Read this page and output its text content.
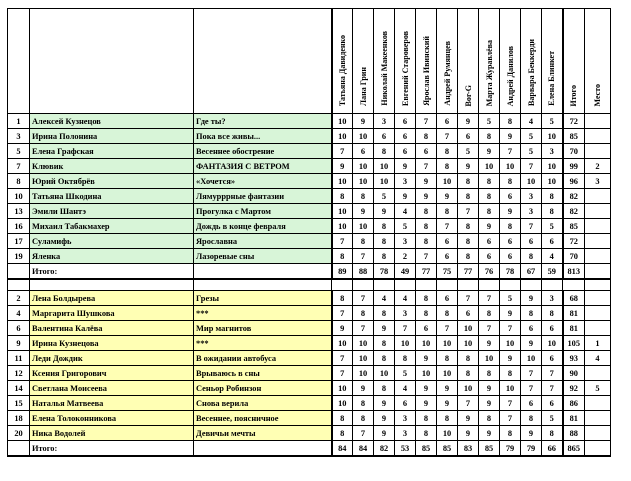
			Татьяна Давиденко	Лана Грин	Николай Макеенков	Евгений Староверов	Ярослав Ивинский	Андрей Румянцев	Bor-G	Марта Журавлёва	Андрей Данилов	Варвара Беккерди	Елена Блинкет	Итого	Место
1	Алексей Кузнецов	Где ты?	10	9	3	6	7	6	9	5	8	4	5	72	
3	Ирина Полонина	Пока все живы...	10	10	6	6	8	7	6	8	9	5	10	85	
5	Елена Графская	Весеннее обострение	7	6	8	6	6	8	5	9	7	5	3	70	
7	Клювик	ФАНТАЗИЯ С ВЕТРОМ	9	10	10	9	7	8	9	10	10	7	10	99	2
8	Юрий Октябрёв	«Хочется»	10	10	10	3	9	10	8	8	8	10	10	96	3
10	Татьяна Шкодина	Лямурррные фантазии	8	8	5	9	9	9	8	8	6	3	8	82	
13	Эмили Шантэ	Прогулка с Мартом	10	9	9	4	8	8	7	8	9	3	8	82	
16	Михаил Табакмахер	Дождь в конце февраля	10	10	8	5	8	7	8	9	8	7	5	85	
17	Суламифь	Ярославна	7	8	8	3	8	6	8	6	6	6	6	72	
19	Яленка	Лазоревые сны	8	7	8	2	7	6	8	6	6	8	4	70	
	Итого:		89	88	78	49	77	75	77	76	78	67	59	813	

2	Лена Болдырева	Грезы	8	7	4	4	8	6	7	7	5	9	3	68	
4	Маргарита Шушкова	***	7	8	8	3	8	8	6	8	9	8	8	81	
6	Валентина Калёва	Мир магнитов	9	7	9	7	6	7	10	7	7	6	6	81	
9	Ирина Кузнецова	***	10	10	8	10	10	10	10	9	10	9	10	105	1
11	Леди Дождик	В ожидании автобуса	7	10	8	8	9	8	8	10	9	10	6	93	4
12	Ксения Григорович	Врываюсь в сны	7	10	10	5	10	10	8	8	8	7	7	90	
14	Светлана Моисеева	Сеньор Робинзон	10	9	8	4	9	9	10	9	10	7	7	92	5
15	Наталья Матвеева	Снова верила	10	8	9	6	9	9	7	9	7	6	6	86	
18	Елена Толоконникова	Весеннее, поясничное	8	8	9	3	8	8	9	8	7	8	5	81	
20	Ника Водолей	Девичьи мечты	8	7	9	3	8	10	9	9	8	9	8	88	
	Итого:		84	84	82	53	85	85	83	85	79	79	66	865	
